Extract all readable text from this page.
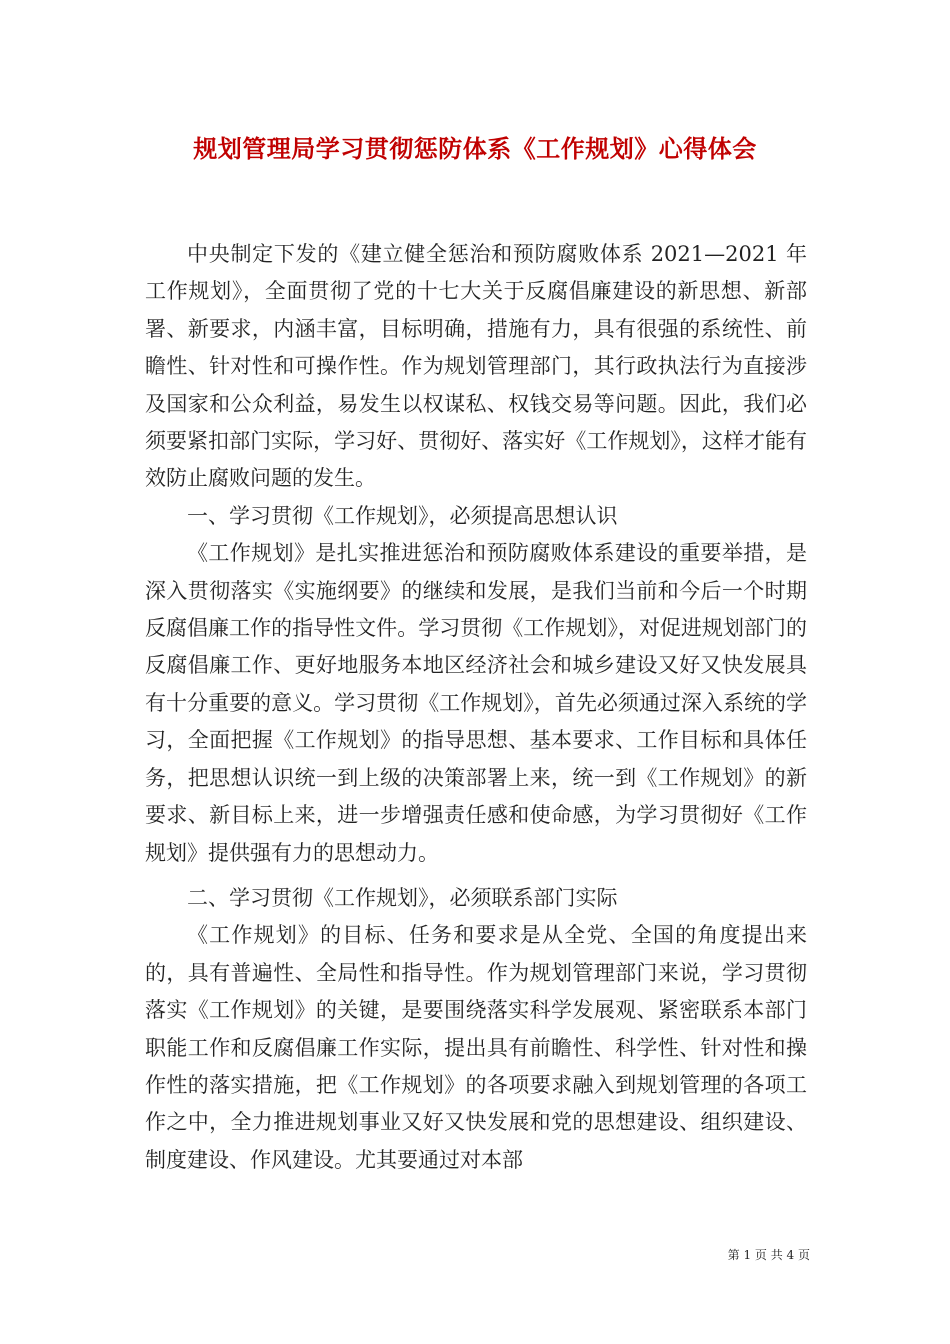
规划管理局学习贯彻惩防体系《工作规划》心得体会

中央制定下发的《建立健全惩治和预防腐败体系 2021—2021 年工作规划》，全面贯彻了党的十七大关于反腐倡廉建设的新思想、新部署、新要求，内涵丰富，目标明确，措施有力，具有很强的系统性、前瞻性、针对性和可操作性。作为规划管理部门，其行政执法行为直接涉及国家和公众利益，易发生以权谋私、权钱交易等问题。因此，我们必须要紧扣部门实际，学习好、贯彻好、落实好《工作规划》，这样才能有效防止腐败问题的发生。

一、学习贯彻《工作规划》，必须提高思想认识

《工作规划》是扎实推进惩治和预防腐败体系建设的重要举措，是深入贯彻落实《实施纲要》的继续和发展，是我们当前和今后一个时期反腐倡廉工作的指导性文件。学习贯彻《工作规划》，对促进规划部门的反腐倡廉工作、更好地服务本地区经济社会和城乡建设又好又快发展具有十分重要的意义。学习贯彻《工作规划》，首先必须通过深入系统的学习，全面把握《工作规划》的指导思想、基本要求、工作目标和具体任务，把思想认识统一到上级的决策部署上来，统一到《工作规划》的新要求、新目标上来，进一步增强责任感和使命感，为学习贯彻好《工作规划》提供强有力的思想动力。

二、学习贯彻《工作规划》，必须联系部门实际

《工作规划》的目标、任务和要求是从全党、全国的角度提出来的，具有普遍性、全局性和指导性。作为规划管理部门来说，学习贯彻落实《工作规划》的关键，是要围绕落实科学发展观、紧密联系本部门职能工作和反腐倡廉工作实际，提出具有前瞻性、科学性、针对性和操作性的落实措施，把《工作规划》的各项要求融入到规划管理的各项工作之中，全力推进规划事业又好又快发展和党的思想建设、组织建设、制度建设、作风建设。尤其要通过对本部

第 1 页 共 4 页
